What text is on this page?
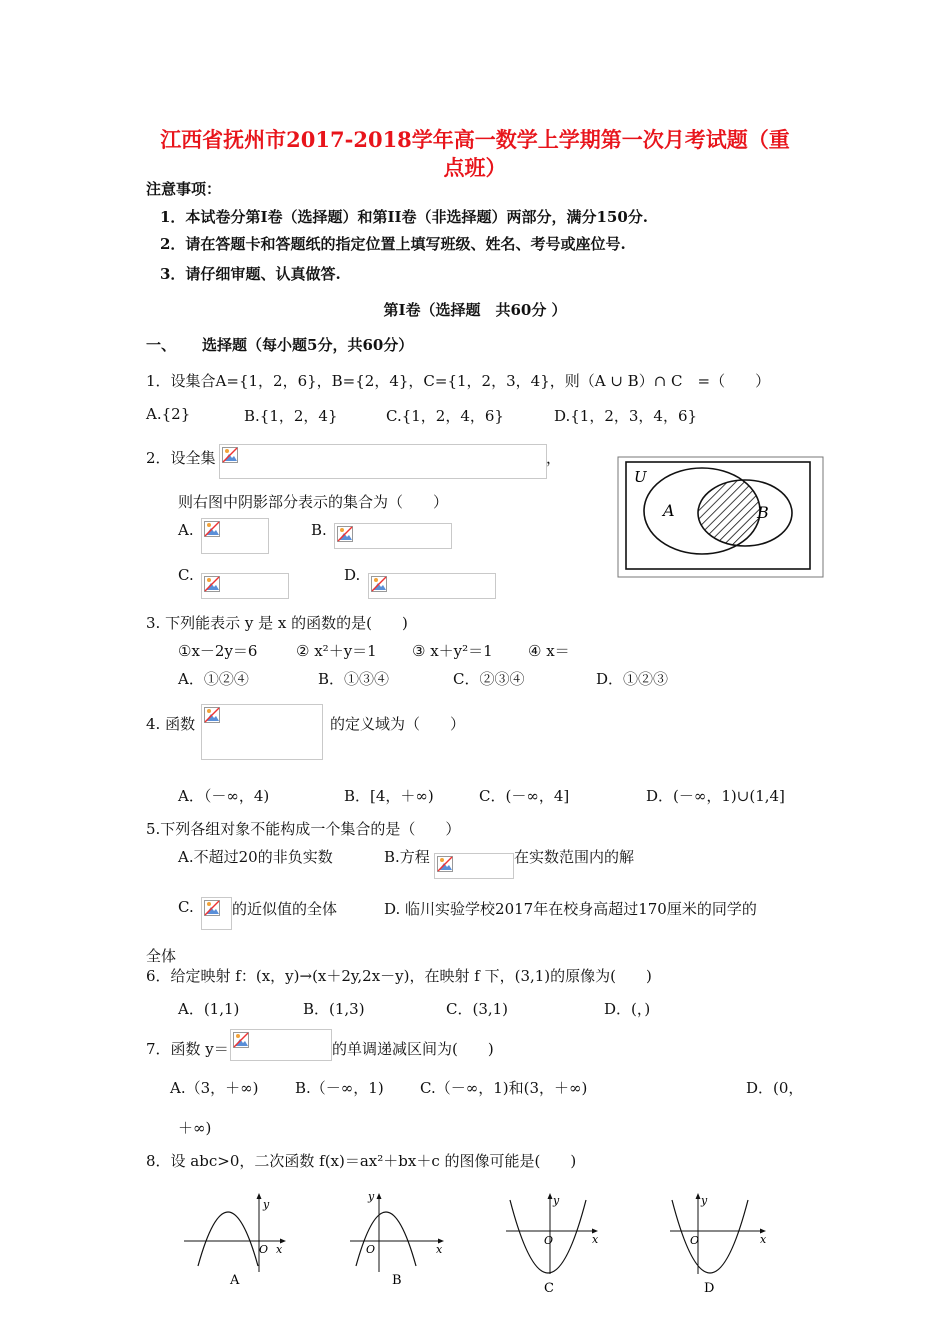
江西省抚州市2017-2018学年高一数学上学期第一次月考试题（重
点班）
注意事项：
1．本试卷分第Ⅰ卷（选择题）和第II卷（非选择题）两部分，满分150分.
2．请在答题卡和答题纸的指定位置上填写班级、姓名、考号或座位号.
3．请仔细审题、认真做答.
第Ⅰ卷（选择题　共60分 ）
一、 选择题（每小题5分，共60分）
1．设集合A={1，2，6}，B={2，4}，C={1，2，3，4}，则（A ∪ B）∩ C　=（　　）
A.{2}	B.{1，2，4}	C.{1，2，4，6}	D.{1，2，3，4，6}
2．设全集	，
则右图中阴影部分表示的集合为（　　）
A.	B.
C.	D.
U
A	B
3. 下列能表示 y 是 x 的函数的是(　　)
①x－2y＝6	② x²＋y＝1 ③ x＋y²＝1 ④ x＝
A．①②④	B．①③④	C．②③④	D．①②③
4. 函数	的定义域为（　　）
A．（－∞，4)	B．[4，＋∞)	C．(－∞，4]	D．(－∞，1)∪(1,4]
5.下列各组对象不能构成一个集合的是（　　）
A.不超过20的非负实数	B.方程	在实数范围内的解
C.	的近似值的全体	D. 临川实验学校2017年在校身高超过170厘米的同学的
全体
6．给定映射 f：(x，y)→(x＋2y,2x－y)，在映射 f 下，(3,1)的原像为(　　)
A．(1,1)	B．(1,3)	C．(3,1)	D．(，)
7．函数 y＝	的单调递减区间为(　　)
A.（3，＋∞) B.（－∞，1) C.（－∞，1)和(3，＋∞)	D．(0，
＋∞)
8．设 abc>0，二次函数 f(x)＝ax²＋bx＋c 的图像可能是(　　)
y
O x
A
y
O	x
B
y
O	x
C
y
O	x
D
